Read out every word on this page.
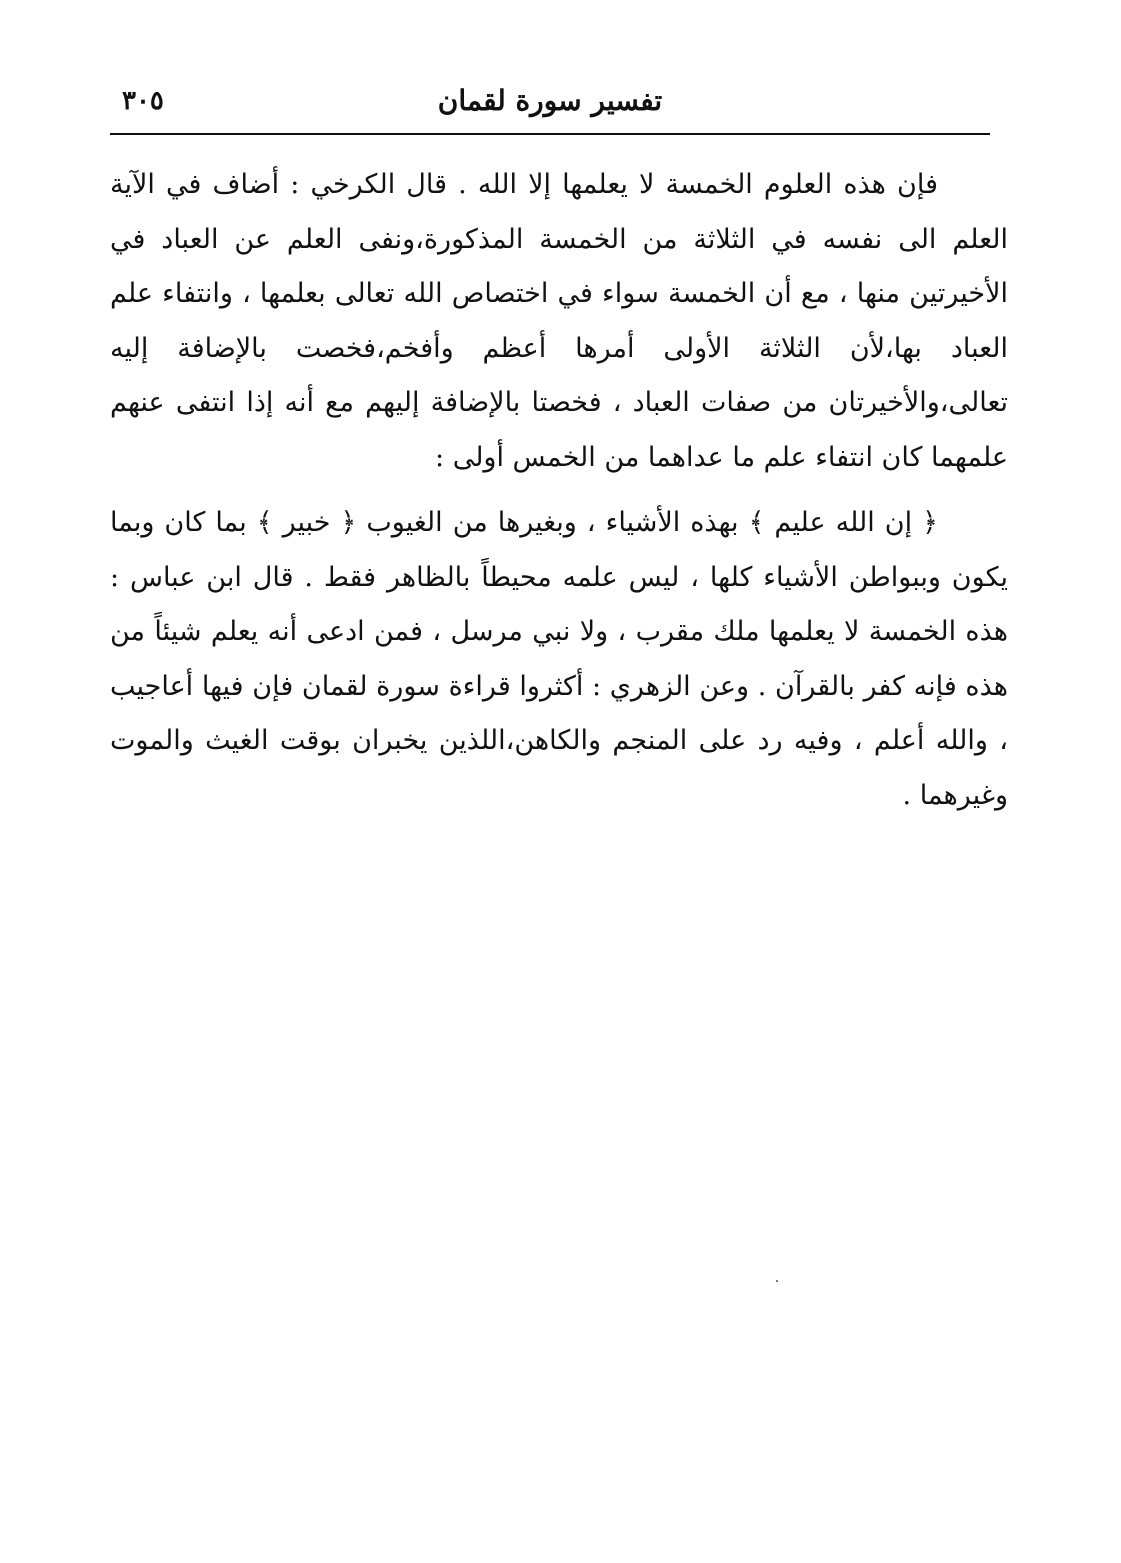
٣٠٥	تفسير سورة لقمان

فإن هذه العلوم الخمسة لا يعلمها إلا الله . قال الكرخي : أضاف في الآية العلم الى نفسه في الثلاثة من الخمسة المذكورة،ونفى العلم عن العباد في الأخيرتين منها ، مع أن الخمسة سواء في اختصاص الله تعالى بعلمها ، وانتفاء علم العباد بها،لأن الثلاثة الأولى أمرها أعظم وأفخم،فخصت بالإضافة إليه تعالى،والأخيرتان من صفات العباد ، فخصتا بالإضافة إليهم مع أنه إذا انتفى عنهم علمهما كان انتفاء علم ما عداهما من الخمس أولى :

﴿ إن الله عليم ﴾ بهذه الأشياء ، وبغيرها من الغيوب ﴿ خبير ﴾ بما كان وبما يكون وببواطن الأشياء كلها ، ليس علمه محيطاً بالظاهر فقط . قال ابن عباس : هذه الخمسة لا يعلمها ملك مقرب ، ولا نبي مرسل ، فمن ادعى أنه يعلم شيئاً من هذه فإنه كفر بالقرآن . وعن الزهري : أكثروا قراءة سورة لقمان فإن فيها أعاجيب ، والله أعلم ، وفيه رد على المنجم والكاهن،اللذين يخبران بوقت الغيث والموت وغيرهما .
